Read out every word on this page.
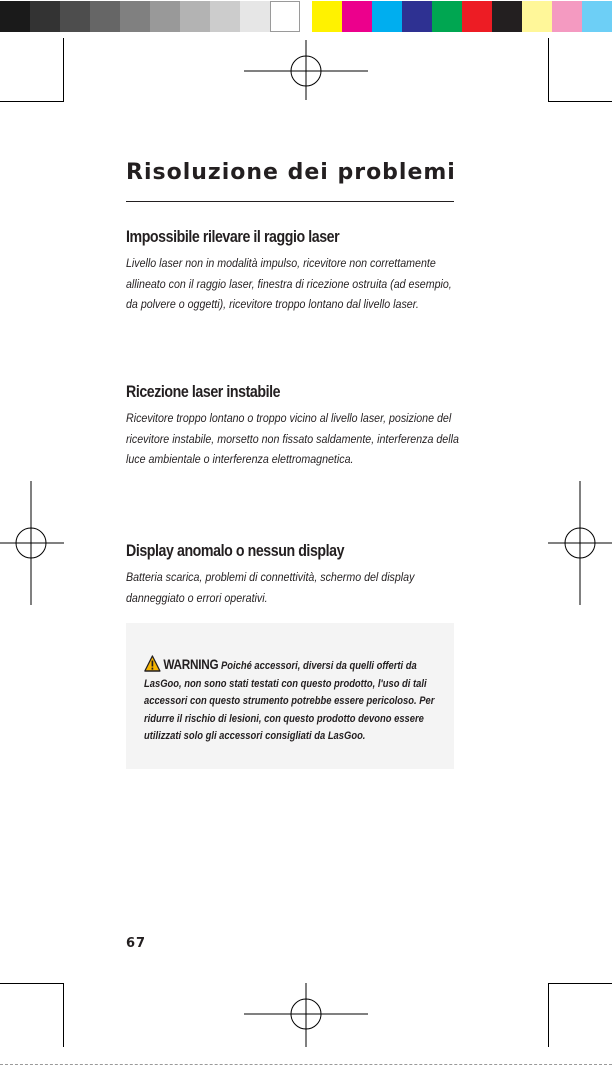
Risoluzione dei problemi
Impossibile rilevare il raggio laser

Livello laser non in modalità impulso, ricevitore non correttamente allineato con il raggio laser, finestra di ricezione ostruita (ad esempio, da polvere o oggetti), ricevitore troppo lontano dal livello laser.

Ricezione laser instabile

Ricevitore troppo lontano o troppo vicino al livello laser, posizione del ricevitore instabile, morsetto non fissato saldamente, interferenza della luce ambientale o interferenza elettromagnetica.

Display anomalo o nessun display

Batteria scarica, problemi di connettività, schermo del display danneggiato o errori operativi.

WARNING Poiché accessori, diversi da quelli offerti da LasGoo, non sono stati testati con questo prodotto, l'uso di tali accessori con questo strumento potrebbe essere pericoloso. Per ridurre il rischio di lesioni, con questo prodotto devono essere utilizzati solo gli accessori consigliati da LasGoo.
67
